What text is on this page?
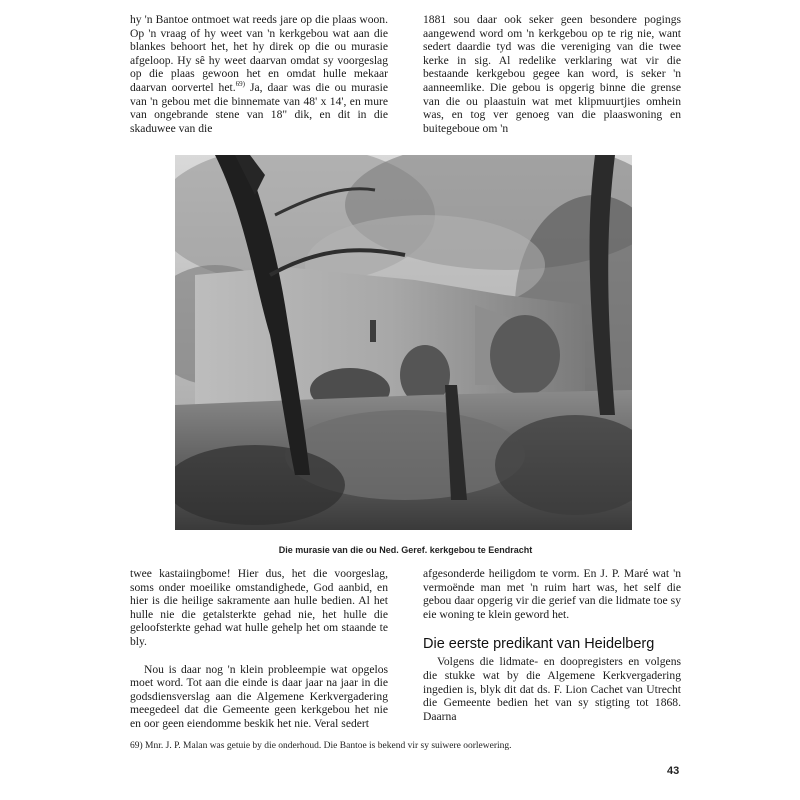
hy 'n Bantoe ontmoet wat reeds jare op die plaas woon. Op 'n vraag of hy weet van 'n kerkgebou wat aan die blankes behoort het, het hy direk op die ou murasie afgeloop. Hy sê hy weet daarvan omdat sy voorgeslag op die plaas gewoon het en omdat hulle mekaar daarvan oorvertel het.$^{69)}$ Ja, daar was die ou murasie van 'n gebou met die binnemate van 48' x 14', en mure van ongebrande stene van 18" dik, en dit in die skaduwee van die

1881 sou daar ook seker geen besondere pogings aangewend word om 'n kerkgebou op te rig nie, want sedert daardie tyd was die vereniging van die twee kerke in sig. Al redelike verklaring wat vir die bestaande kerkgebou gegee kan word, is seker 'n aanneemlike. Die gebou is opgerig binne die grense van die ou plaastuin wat met klipmuurtjies omhein was, en tog ver genoeg van die plaaswoning en buitegeboue om 'n

Die murasie van die ou Ned. Geref. kerkgebou te Eendracht

twee kastaiingbome! Hier dus, het die voorgeslag, soms onder moeilike omstandighede, God aanbid, en hier is die heilige sakramente aan hulle bedien. Al het hulle nie die getalsterkte gehad nie, het hulle die geloofsterkte gehad wat hulle gehelp het om staande te bly.

Nou is daar nog 'n klein probleempie wat opgelos moet word. Tot aan die einde is daar jaar na jaar in die godsdiensverslag aan die Algemene Kerkvergadering meegedeel dat die Gemeente geen kerkgebou het nie en oor geen eiendomme beskik het nie. Veral sedert

afgesonderde heiligdom te vorm. En J. P. Maré wat 'n vermoënde man met 'n ruim hart was, het self die gebou daar opgerig vir die gerief van die lidmate toe sy eie woning te klein geword het.

Die eerste predikant van Heidelberg

Volgens die lidmate- en doopregisters en volgens die stukke wat by die Algemene Kerkvergadering ingedien is, blyk dit dat ds. F. Lion Cachet van Utrecht die Gemeente bedien het van sy stigting tot 1868. Daarna

69) Mnr. J. P. Malan was getuie by die onderhoud. Die Bantoe is bekend vir sy suiwere oorlewering.
43
